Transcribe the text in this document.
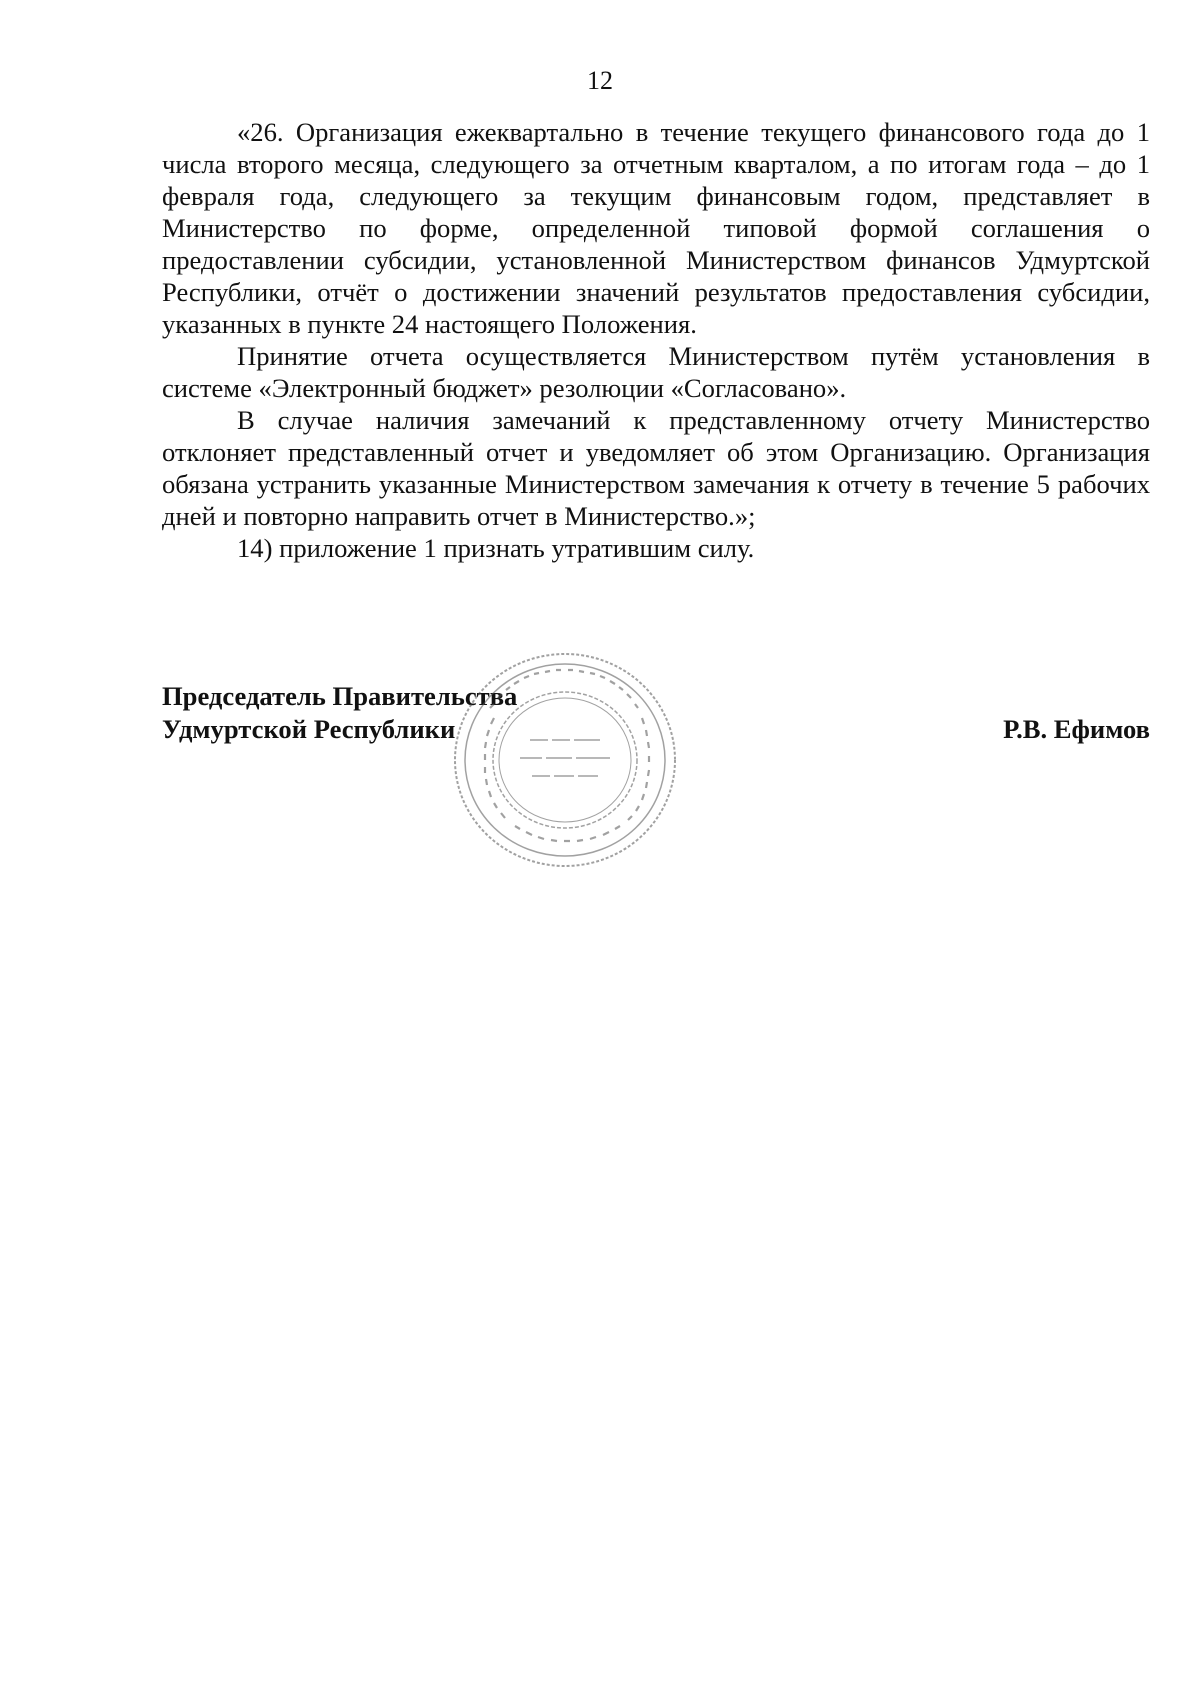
12

«26. Организация ежеквартально в течение текущего финансового года до 1 числа второго месяца, следующего за отчетным кварталом, а по итогам года – до 1 февраля года, следующего за текущим финансовым годом, представляет в Министерство по форме, определенной типовой формой соглашения о предоставлении субсидии, установленной Министерством финансов Удмуртской Республики, отчёт о достижении значений результатов предоставления субсидии, указанных в пункте 24 настоящего Положения.

Принятие отчета осуществляется Министерством путём установления в системе «Электронный бюджет» резолюции «Согласовано».

В случае наличия замечаний к представленному отчету Министерство отклоняет представленный отчет и уведомляет об этом Организацию. Организация обязана устранить указанные Министерством замечания к отчету в течение 5 рабочих дней и повторно направить отчет в Министерство.»;

14) приложение 1 признать утратившим силу.

Председатель Правительства
Удмуртской Республики	Р.В. Ефимов
